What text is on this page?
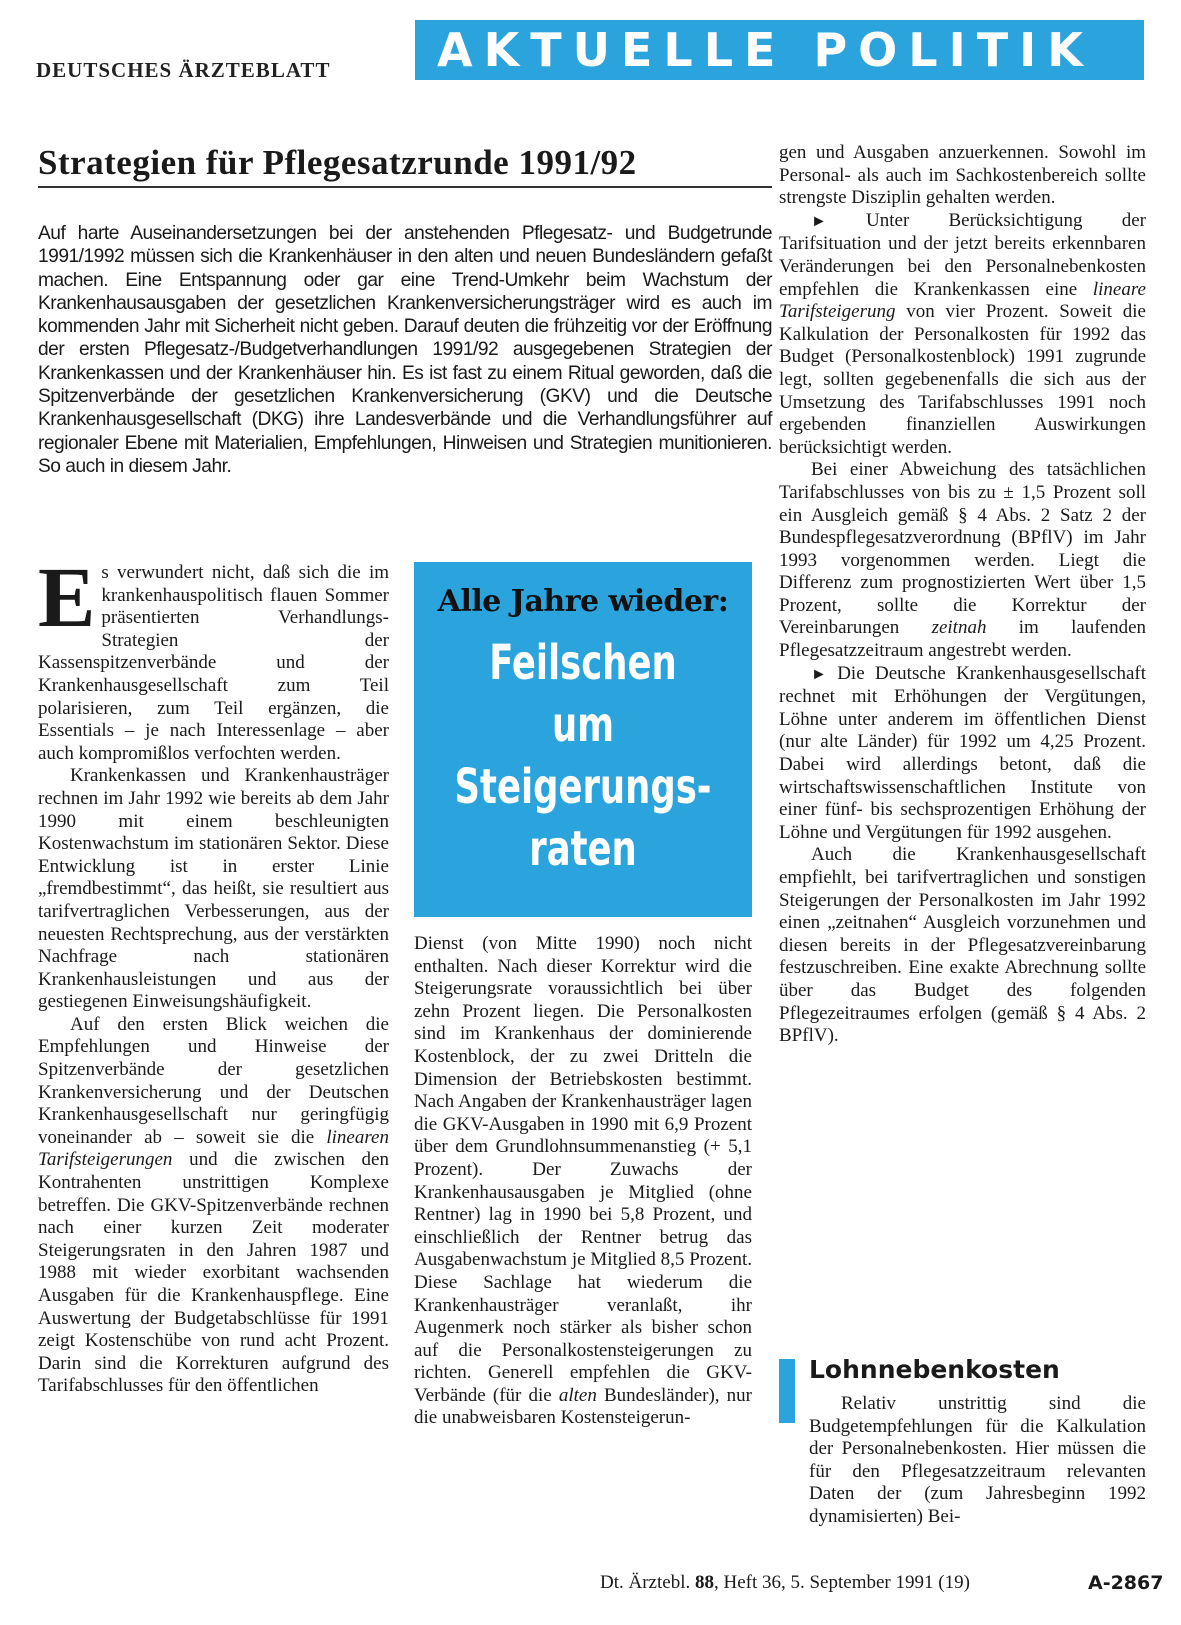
DEUTSCHES ÄRZTEBLATT	AKTUELLE POLITIK
Strategien für Pflegesatzrunde 1991/92
Auf harte Auseinandersetzungen bei der anstehenden Pflegesatz- und Budgetrunde 1991/1992 müssen sich die Krankenhäuser in den alten und neuen Bundesländern gefaßt machen. Eine Entspannung oder gar eine Trend-Umkehr beim Wachstum der Krankenhausausgaben der gesetzlichen Krankenversicherungsträger wird es auch im kommenden Jahr mit Sicherheit nicht geben. Darauf deuten die frühzeitig vor der Eröffnung der ersten Pflegesatz-/Budgetverhandlungen 1991/92 ausgegebenen Strategien der Krankenkassen und der Krankenhäuser hin. Es ist fast zu einem Ritual geworden, daß die Spitzenverbände der gesetzlichen Krankenversicherung (GKV) und die Deutsche Krankenhausgesellschaft (DKG) ihre Landesverbände und die Verhandlungsführer auf regionaler Ebene mit Materialien, Empfehlungen, Hinweisen und Strategien munitionieren. So auch in diesem Jahr.

Es verwundert nicht, daß sich die im krankenhauspolitisch flauen Sommer präsentierten Verhandlungs-Strategien der Kassenspitzenverbände und der Krankenhausgesellschaft zum Teil polarisieren, zum Teil ergänzen, die Essentials – je nach Interessenlage – aber auch kompromißlos verfochten werden.

Krankenkassen und Krankenhausträger rechnen im Jahr 1992 wie bereits ab dem Jahr 1990 mit einem beschleunigten Kostenwachstum im stationären Sektor. Diese Entwicklung ist in erster Linie „fremdbestimmt“, das heißt, sie resultiert aus tarifvertraglichen Verbesserungen, aus der neuesten Rechtsprechung, aus der verstärkten Nachfrage nach stationären Krankenhausleistungen und aus der gestiegenen Einweisungshäufigkeit.

Auf den ersten Blick weichen die Empfehlungen und Hinweise der Spitzenverbände der gesetzlichen Krankenversicherung und der Deutschen Krankenhausgesellschaft nur geringfügig voneinander ab – soweit sie die linearen Tarifsteigerungen und die zwischen den Kontrahenten unstrittigen Komplexe betreffen. Die GKV-Spitzenverbände rechnen nach einer kurzen Zeit moderater Steigerungsraten in den Jahren 1987 und 1988 mit wieder exorbitant wachsenden Ausgaben für die Krankenhauspflege. Eine Auswertung der Budgetabschlüsse für 1991 zeigt Kostenschübe von rund acht Prozent. Darin sind die Korrekturen aufgrund des Tarifabschlusses für den öffentlichen

Alle Jahre wieder:
Feilschen
um
Steigerungs-
raten

Dienst (von Mitte 1990) noch nicht enthalten. Nach dieser Korrektur wird die Steigerungsrate voraussichtlich bei über zehn Prozent liegen. Die Personalkosten sind im Krankenhaus der dominierende Kostenblock, der zu zwei Dritteln die Dimension der Betriebskosten bestimmt. Nach Angaben der Krankenhausträger lagen die GKV-Ausgaben in 1990 mit 6,9 Prozent über dem Grundlohnsummenanstieg (+ 5,1 Prozent). Der Zuwachs der Krankenhausausgaben je Mitglied (ohne Rentner) lag in 1990 bei 5,8 Prozent, und einschließlich der Rentner betrug das Ausgabenwachstum je Mitglied 8,5 Prozent. Diese Sachlage hat wiederum die Krankenhausträger veranlaßt, ihr Augenmerk noch stärker als bisher schon auf die Personalkostensteigerungen zu richten. Generell empfehlen die GKV-Verbände (für die alten Bundesländer), nur die unabweisbaren Kostensteigerun-

gen und Ausgaben anzuerkennen. Sowohl im Personal- als auch im Sachkostenbereich sollte strengste Disziplin gehalten werden.

► Unter Berücksichtigung der Tarifsituation und der jetzt bereits erkennbaren Veränderungen bei den Personalnebenkosten empfehlen die Krankenkassen eine lineare Tarifsteigerung von vier Prozent. Soweit die Kalkulation der Personalkosten für 1992 das Budget (Personalkostenblock) 1991 zugrunde legt, sollten gegebenenfalls die sich aus der Umsetzung des Tarifabschlusses 1991 noch ergebenden finanziellen Auswirkungen berücksichtigt werden.

Bei einer Abweichung des tatsächlichen Tarifabschlusses von bis zu ± 1,5 Prozent soll ein Ausgleich gemäß § 4 Abs. 2 Satz 2 der Bundespflegesatzverordnung (BPflV) im Jahr 1993 vorgenommen werden. Liegt die Differenz zum prognostizierten Wert über 1,5 Prozent, sollte die Korrektur der Vereinbarungen zeitnah im laufenden Pflegesatzzeitraum angestrebt werden.

► Die Deutsche Krankenhausgesellschaft rechnet mit Erhöhungen der Vergütungen, Löhne unter anderem im öffentlichen Dienst (nur alte Länder) für 1992 um 4,25 Prozent. Dabei wird allerdings betont, daß die wirtschaftswissenschaftlichen Institute von einer fünf- bis sechsprozentigen Erhöhung der Löhne und Vergütungen für 1992 ausgehen.

Auch die Krankenhausgesellschaft empfiehlt, bei tarifvertraglichen und sonstigen Steigerungen der Personalkosten im Jahr 1992 einen „zeitnahen“ Ausgleich vorzunehmen und diesen bereits in der Pflegesatzvereinbarung festzuschreiben. Eine exakte Abrechnung sollte über das Budget des folgenden Pflegezeitraumes erfolgen (gemäß § 4 Abs. 2 BPflV).

Lohnnebenkosten

Relativ unstrittig sind die Budgetempfehlungen für die Kalkulation der Personalnebenkosten. Hier müssen die für den Pflegesatzzeitraum relevanten Daten der (zum Jahresbeginn 1992 dynamisierten) Bei-

Dt. Ärztebl. 88, Heft 36, 5. September 1991 (19)	A-2867
